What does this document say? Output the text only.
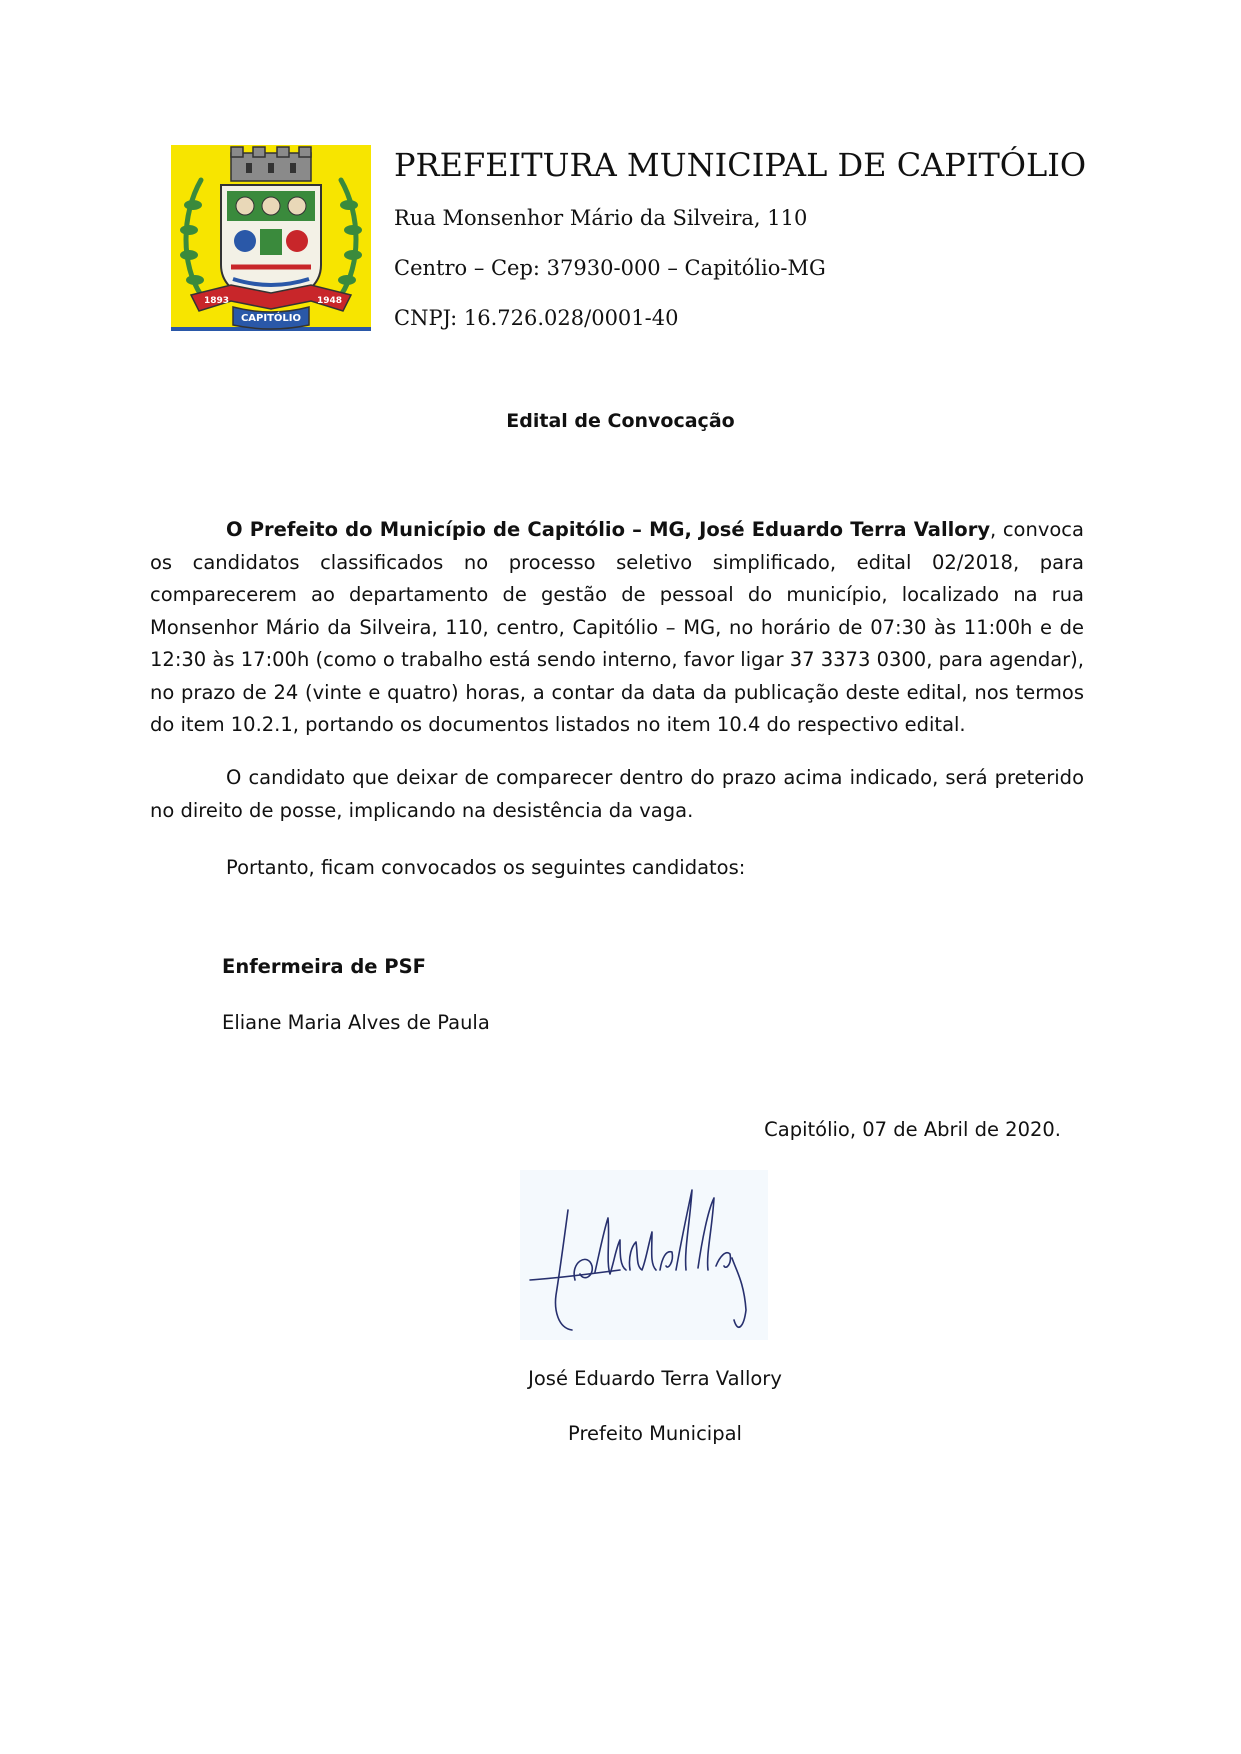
1893	1948
CAPITÓLIO
PREFEITURA MUNICIPAL DE CAPITÓLIO
Rua Monsenhor Mário da Silveira, 110
Centro – Cep: 37930-000 – Capitólio-MG
CNPJ: 16.726.028/0001-40
Edital de Convocação

O Prefeito do Município de Capitólio – MG, José Eduardo Terra Vallory, convoca os candidatos classificados no processo seletivo simplificado, edital 02/2018, para comparecerem ao departamento de gestão de pessoal do município, localizado na rua Monsenhor Mário da Silveira, 110, centro, Capitólio – MG, no horário de 07:30 às 11:00h e de 12:30 às 17:00h (como o trabalho está sendo interno, favor ligar 37 3373 0300, para agendar), no prazo de 24 (vinte e quatro) horas, a contar da data da publicação deste edital, nos termos do item 10.2.1, portando os documentos listados no item 10.4 do respectivo edital.

O candidato que deixar de comparecer dentro do prazo acima indicado, será preterido no direito de posse, implicando na desistência da vaga.

Portanto, ficam convocados os seguintes candidatos:

Enfermeira de PSF
Eliane Maria Alves de Paula
Capitólio, 07 de Abril de 2020.
José Eduardo Terra Vallory
Prefeito Municipal
